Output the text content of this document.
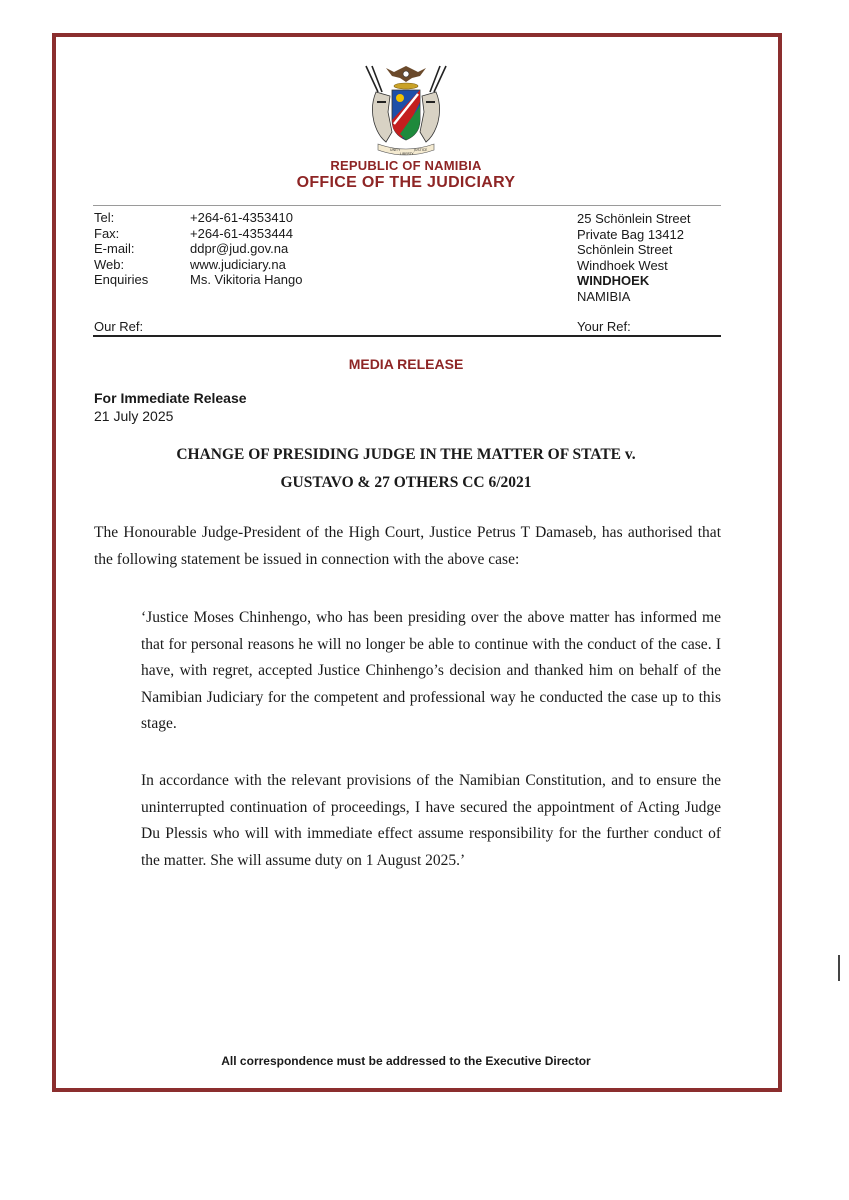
UNITY
LIBERTY
JUSTICE
REPUBLIC OF NAMIBIA
OFFICE OF THE JUDICIARY
Tel:
Fax:
E-mail:
Web:
Enquiries
+264-61-4353410
+264-61-4353444
ddpr@jud.gov.na
www.judiciary.na
Ms. Vikitoria Hango
25 Schönlein Street
Private Bag 13412
Schönlein Street
Windhoek West
WINDHOEK
NAMIBIA
Our Ref:	Your Ref:
MEDIA RELEASE
For Immediate Release
21 July 2025
CHANGE OF PRESIDING JUDGE IN THE MATTER OF STATE v.
GUSTAVO & 27 OTHERS CC 6/2021
The Honourable Judge-President of the High Court, Justice Petrus T Damaseb, has authorised that the following statement be issued in connection with the above case:
‘Justice Moses Chinhengo, who has been presiding over the above matter has informed me that for personal reasons he will no longer be able to continue with the conduct of the case. I have, with regret, accepted Justice Chinhengo’s decision and thanked him on behalf of the Namibian Judiciary for the competent and professional way he conducted the case up to this stage.
In accordance with the relevant provisions of the Namibian Constitution, and to ensure the uninterrupted continuation of proceedings, I have secured the appointment of Acting Judge Du Plessis who will with immediate effect assume responsibility for the further conduct of the matter. She will assume duty on 1 August 2025.’
All correspondence must be addressed to the Executive Director
